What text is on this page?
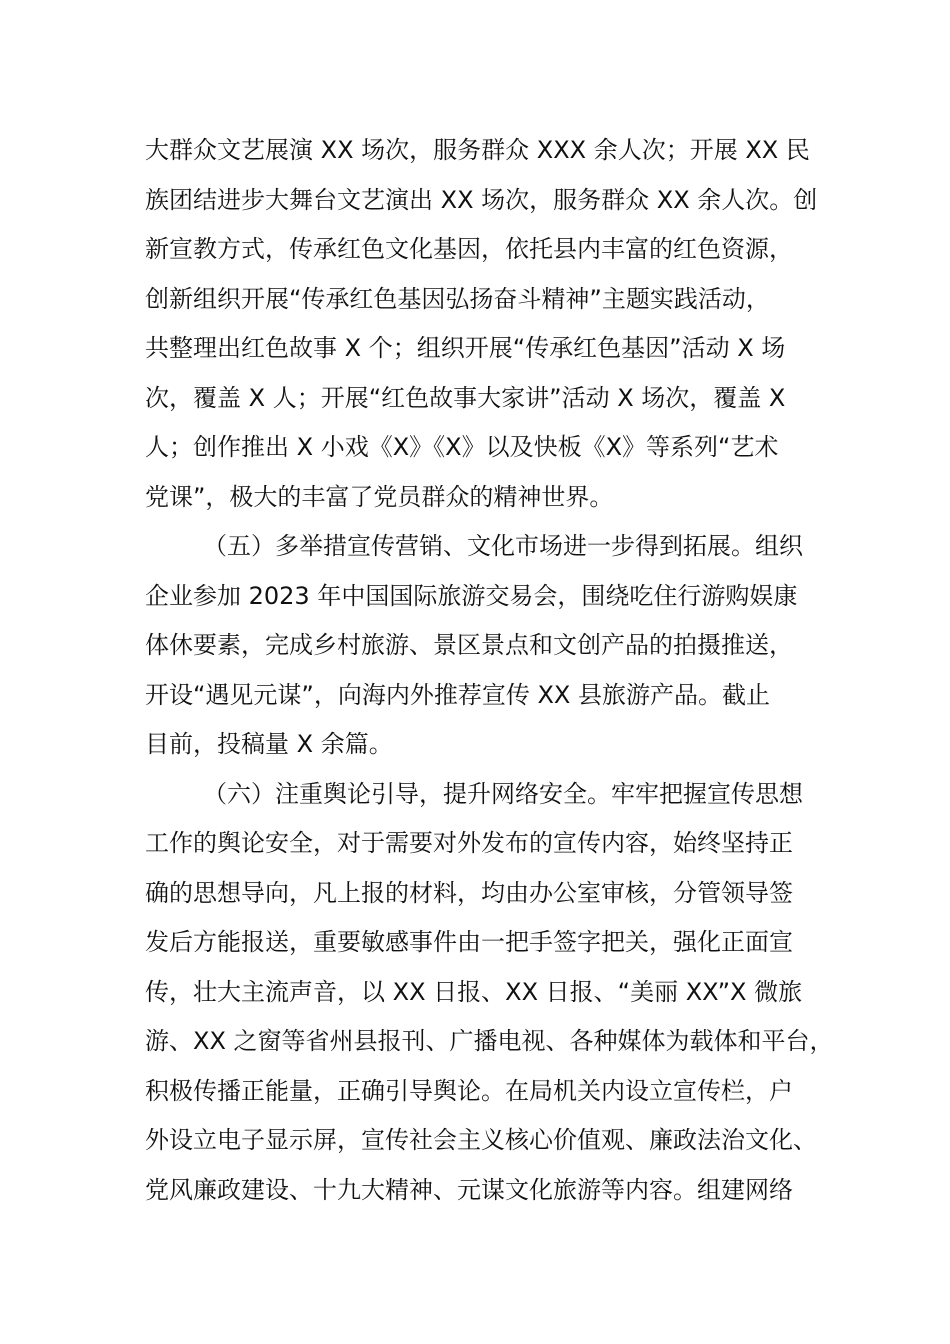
大群众文艺展演 XX 场次，服务群众 XXX 余人次；开展 XX 民
族团结进步大舞台文艺演出 XX 场次，服务群众 XX 余人次。创
新宣教方式，传承红色文化基因，依托县内丰富的红色资源，
创新组织开展“传承红色基因弘扬奋斗精神”主题实践活动，
共整理出红色故事 X 个；组织开展“传承红色基因”活动 X 场
次，覆盖 X 人；开展“红色故事大家讲”活动 X 场次，覆盖 X
人；创作推出 X 小戏《X》《X》以及快板《X》等系列“艺术
党课”，极大的丰富了党员群众的精神世界。
（五）多举措宣传营销、文化市场进一步得到拓展。组织
企业参加 2023 年中国国际旅游交易会，围绕吃住行游购娱康
体休要素，完成乡村旅游、景区景点和文创产品的拍摄推送，
开设“遇见元谋”，向海内外推荐宣传 XX 县旅游产品。截止
目前，投稿量 X 余篇。
（六）注重舆论引导，提升网络安全。牢牢把握宣传思想
工作的舆论安全，对于需要对外发布的宣传内容，始终坚持正
确的思想导向，凡上报的材料，均由办公室审核，分管领导签
发后方能报送，重要敏感事件由一把手签字把关，强化正面宣
传，壮大主流声音，以 XX 日报、XX 日报、“美丽 XX”X 微旅
游、XX 之窗等省州县报刊、广播电视、各种媒体为载体和平台，
积极传播正能量，正确引导舆论。在局机关内设立宣传栏，户
外设立电子显示屏，宣传社会主义核心价值观、廉政法治文化、
党风廉政建设、十九大精神、元谋文化旅游等内容。组建网络
